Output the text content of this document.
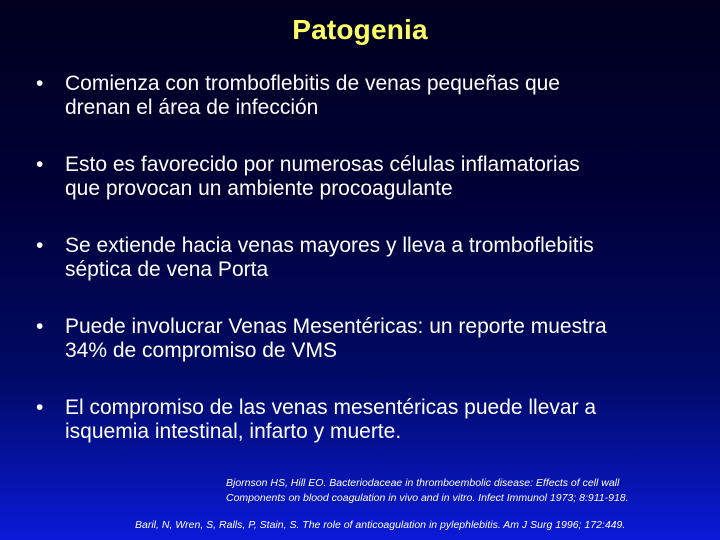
Patogenia
• Comienza con tromboflebitis de venas pequeñas que
drenan el área de infección
• Esto es favorecido por numerosas células inflamatorias
que provocan un ambiente procoagulante
• Se extiende hacia venas mayores y lleva a tromboflebitis
séptica de vena Porta
• Puede involucrar Venas Mesentéricas: un reporte muestra
34% de compromiso de VMS
• El compromiso de las venas mesentéricas puede llevar a
isquemia intestinal, infarto y muerte.
Bjornson HS, Hill EO. Bacteriodaceae in thromboembolic disease: Effects of cell wall
Components on blood coagulation in vivo and in vitro. Infect Immunol 1973; 8:911-918.
Baril, N, Wren, S, Ralls, P, Stain, S. The role of anticoagulation in pylephlebitis. Am J Surg 1996; 172:449.
